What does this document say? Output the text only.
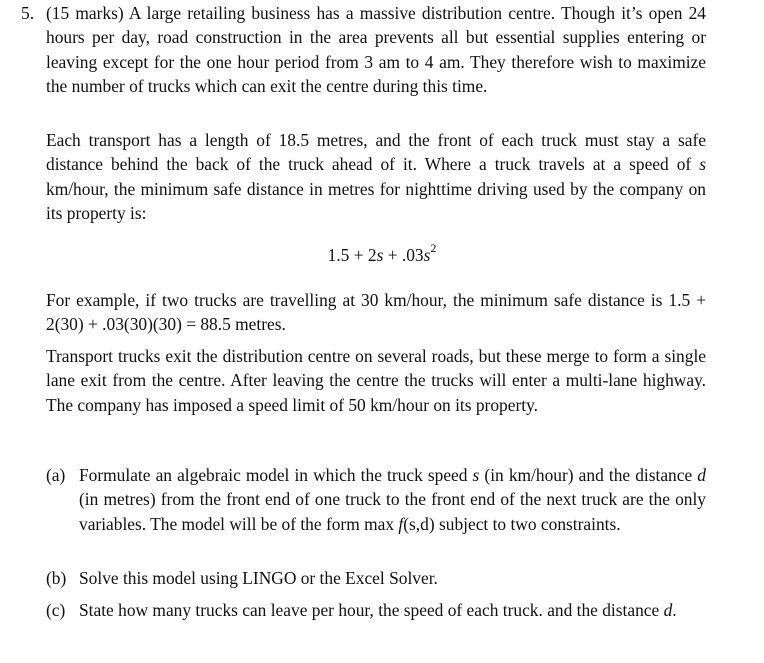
5. (15 marks) A large retailing business has a massive distribution centre. Though it’s open 24 hours per day, road construction in the area prevents all but essential supplies entering or leaving except for the one hour period from 3 am to 4 am. They therefore wish to maximize the number of trucks which can exit the centre during this time.

Each transport has a length of 18.5 metres, and the front of each truck must stay a safe distance behind the back of the truck ahead of it. Where a truck travels at a speed of s km/hour, the minimum safe distance in metres for nighttime driving used by the company on its property is:

$1.5 + 2s + .03s^2$

For example, if two trucks are travelling at 30 km/hour, the minimum safe distance is 1.5 + 2(30) + .03(30)(30) = 88.5 metres.

Transport trucks exit the distribution centre on several roads, but these merge to form a single lane exit from the centre. After leaving the centre the trucks will enter a multi-lane highway. The company has imposed a speed limit of 50 km/hour on its property.

(a) Formulate an algebraic model in which the truck speed s (in km/hour) and the distance d (in metres) from the front end of one truck to the front end of the next truck are the only variables. The model will be of the form max f(s,d) subject to two constraints.
(b) Solve this model using LINGO or the Excel Solver.
(c) State how many trucks can leave per hour, the speed of each truck. and the distance d.
